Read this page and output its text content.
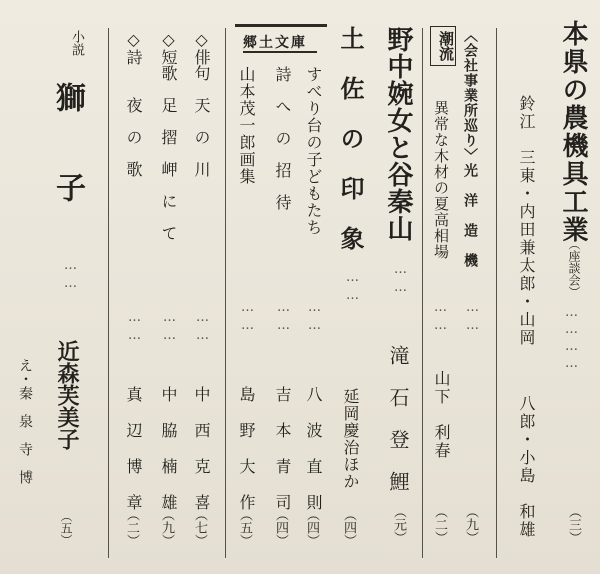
本県の農機具工業
（座談会）
…………
（三）
鈴江　三東・内田兼太郎・山岡
八郎・小島　和雄
潮流 〈会社事業所巡り〉光　洋　造　機
……
（九）
異常な木材の夏高相場
……
山下　利春
（二）
野中婉女と谷秦山
……
滝　石　登　鯉
（元）
土　佐　の　印　象
……
延岡慶治ほか
（四）
郷土文庫
すべり台の子どもたち
……
八　波　直　則
（四）
詩　へ　の　招　待
……
吉　本　青　司
（四）
山本茂一郎画集
……
島　野　大　作
（五）
◇俳句　天　の　川
……
中　西　克　喜
（七）
◇短歌　足　摺　岬　に　て
……
中　脇　楠　雄
（九）
◇詩　　夜　の　歌
……
真　辺　博　章
（二）
小説
獅　　子
……
近森芙美子
（五）
え・秦　泉　寺　博
